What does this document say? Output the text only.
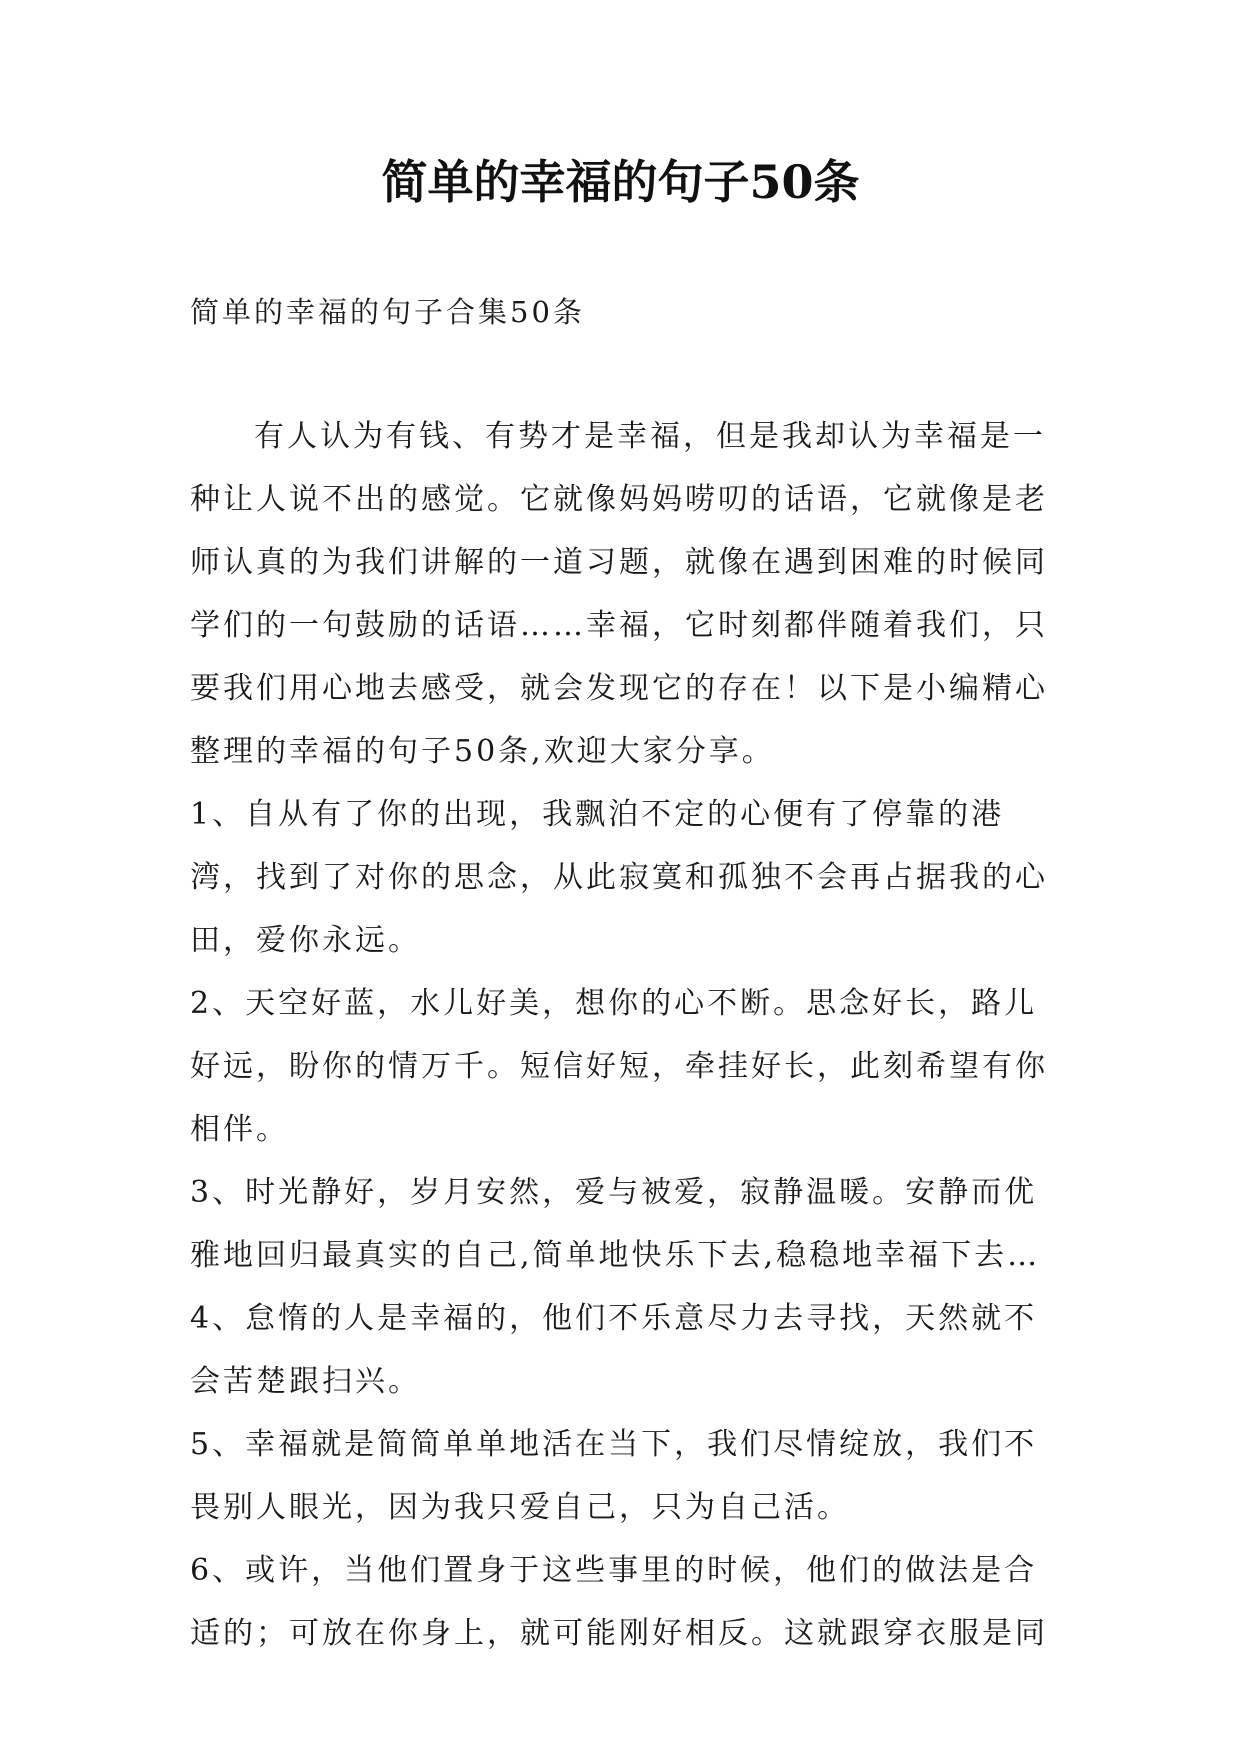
简单的幸福的句子50条

简单的幸福的句子合集50条

有人认为有钱、有势才是幸福，但是我却认为幸福是一种让人说不出的感觉。它就像妈妈唠叨的话语，它就像是老师认真的为我们讲解的一道习题，就像在遇到困难的时候同学们的一句鼓励的话语……幸福，它时刻都伴随着我们，只要我们用心地去感受，就会发现它的存在！以下是小编精心整理的幸福的句子50条,欢迎大家分享。

1、自从有了你的出现，我飘泊不定的心便有了停靠的港湾，找到了对你的思念，从此寂寞和孤独不会再占据我的心田，爱你永远。

2、天空好蓝，水儿好美，想你的心不断。思念好长，路儿好远，盼你的情万千。短信好短，牵挂好长，此刻希望有你相伴。

3、时光静好，岁月安然，爱与被爱，寂静温暖。安静而优雅地回归最真实的自己,简单地快乐下去,稳稳地幸福下去…

4、怠惰的人是幸福的，他们不乐意尽力去寻找，天然就不会苦楚跟扫兴。

5、幸福就是简简单单地活在当下，我们尽情绽放，我们不畏别人眼光，因为我只爱自己，只为自己活。

6、或许，当他们置身于这些事里的时候，他们的做法是合适的；可放在你身上，就可能刚好相反。这就跟穿衣服是同
